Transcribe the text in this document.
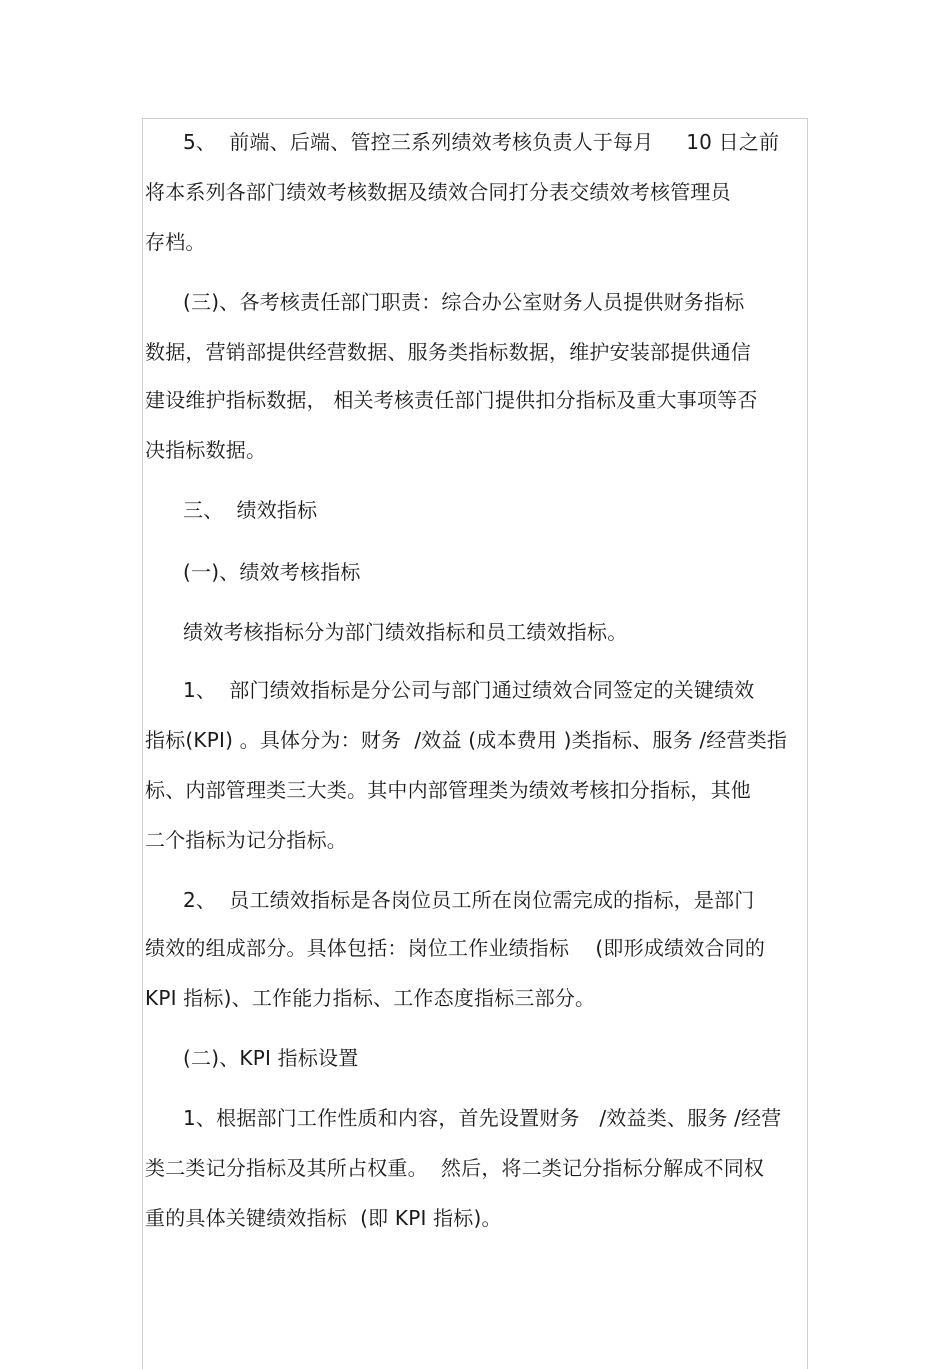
5、  前端、后端、管控三系列绩效考核负责人于每月     10 日之前
将本系列各部门绩效考核数据及绩效合同打分表交绩效考核管理员
存档。
(三)、各考核责任部门职责：综合办公室财务人员提供财务指标
数据，营销部提供经营数据、服务类指标数据，维护安装部提供通信
建设维护指标数据， 相关考核责任部门提供扣分指标及重大事项等否
决指标数据。
三、  绩效指标
(一)、绩效考核指标
绩效考核指标分为部门绩效指标和员工绩效指标。
1、  部门绩效指标是分公司与部门通过绩效合同签定的关键绩效
指标(KPI) 。具体分为：财务  /效益 (成本费用 )类指标、服务 /经营类指
标、内部管理类三大类。其中内部管理类为绩效考核扣分指标，其他
二个指标为记分指标。
2、  员工绩效指标是各岗位员工所在岗位需完成的指标，是部门
绩效的组成部分。具体包括：岗位工作业绩指标    (即形成绩效合同的
KPI 指标)、工作能力指标、工作态度指标三部分。
(二)、KPI 指标设置
1、根据部门工作性质和内容，首先设置财务   /效益类、服务 /经营
类二类记分指标及其所占权重。  然后，将二类记分指标分解成不同权
重的具体关键绩效指标  (即 KPI 指标)。
